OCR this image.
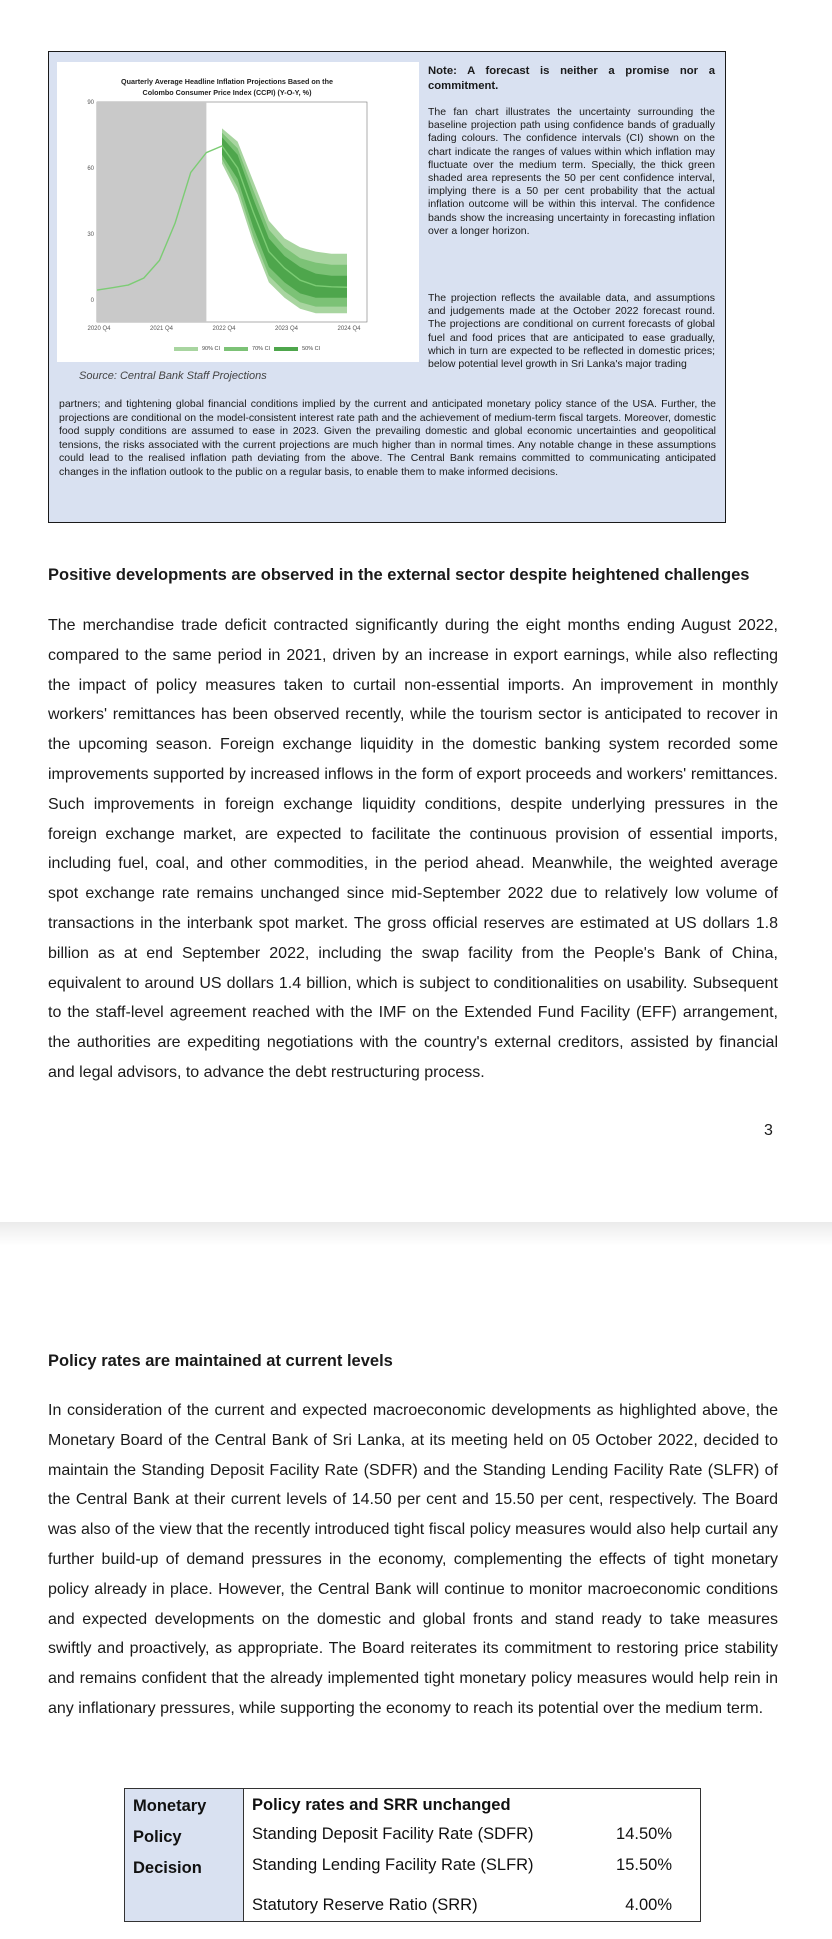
Quarterly Average Headline Inflation Projections Based on the Colombo Consumer Price Index (CCPI) (Y-O-Y, %)
0
30
60
90
2020 Q4	2021 Q4	2022 Q4	2023 Q4	2024 Q4
90% CI	70% CI	50% CI
Source: Central Bank Staff Projections
Note: A forecast is neither a promise nor a commitment.
The fan chart illustrates the uncertainty surrounding the baseline projection path using confidence bands of gradually fading colours. The confidence intervals (CI) shown on the chart indicate the ranges of values within which inflation may fluctuate over the medium term. Specially, the thick green shaded area represents the 50 per cent confidence interval, implying there is a 50 per cent probability that the actual inflation outcome will be within this interval. The confidence bands show the increasing uncertainty in forecasting inflation over a longer horizon.
The projection reflects the available data, and assumptions and judgements made at the October 2022 forecast round. The projections are conditional on current forecasts of global fuel and food prices that are anticipated to ease gradually, which in turn are expected to be reflected in domestic prices; below potential level growth in Sri Lanka's major trading
partners; and tightening global financial conditions implied by the current and anticipated monetary policy stance of the USA. Further, the projections are conditional on the model-consistent interest rate path and the achievement of medium-term fiscal targets. Moreover, domestic food supply conditions are assumed to ease in 2023. Given the prevailing domestic and global economic uncertainties and geopolitical tensions, the risks associated with the current projections are much higher than in normal times. Any notable change in these assumptions could lead to the realised inflation path deviating from the above. The Central Bank remains committed to communicating anticipated changes in the inflation outlook to the public on a regular basis, to enable them to make informed decisions.
Positive developments are observed in the external sector despite heightened challenges
The merchandise trade deficit contracted significantly during the eight months ending August 2022, compared to the same period in 2021, driven by an increase in export earnings, while also reflecting the impact of policy measures taken to curtail non-essential imports. An improvement in monthly workers' remittances has been observed recently, while the tourism sector is anticipated to recover in the upcoming season. Foreign exchange liquidity in the domestic banking system recorded some improvements supported by increased inflows in the form of export proceeds and workers' remittances. Such improvements in foreign exchange liquidity conditions, despite underlying pressures in the foreign exchange market, are expected to facilitate the continuous provision of essential imports, including fuel, coal, and other commodities, in the period ahead. Meanwhile, the weighted average spot exchange rate remains unchanged since mid-September 2022 due to relatively low volume of transactions in the interbank spot market. The gross official reserves are estimated at US dollars 1.8 billion as at end September 2022, including the swap facility from the People's Bank of China, equivalent to around US dollars 1.4 billion, which is subject to conditionalities on usability. Subsequent to the staff-level agreement reached with the IMF on the Extended Fund Facility (EFF) arrangement, the authorities are expediting negotiations with the country's external creditors, assisted by financial and legal advisors, to advance the debt restructuring process.
3
Policy rates are maintained at current levels
In consideration of the current and expected macroeconomic developments as highlighted above, the Monetary Board of the Central Bank of Sri Lanka, at its meeting held on 05 October 2022, decided to maintain the Standing Deposit Facility Rate (SDFR) and the Standing Lending Facility Rate (SLFR) of the Central Bank at their current levels of 14.50 per cent and 15.50 per cent, respectively. The Board was also of the view that the recently introduced tight fiscal policy measures would also help curtail any further build-up of demand pressures in the economy, complementing the effects of tight monetary policy already in place. However, the Central Bank will continue to monitor macroeconomic conditions and expected developments on the domestic and global fronts and stand ready to take measures swiftly and proactively, as appropriate. The Board reiterates its commitment to restoring price stability and remains confident that the already implemented tight monetary policy measures would help rein in any inflationary pressures, while supporting the economy to reach its potential over the medium term.
Monetary
Policy
Decision

Policy rates and SRR unchanged
Standing Deposit Facility Rate (SDFR)	14.50%
Standing Lending Facility Rate (SLFR)	15.50%
Statutory Reserve Ratio (SRR)	4.00%
